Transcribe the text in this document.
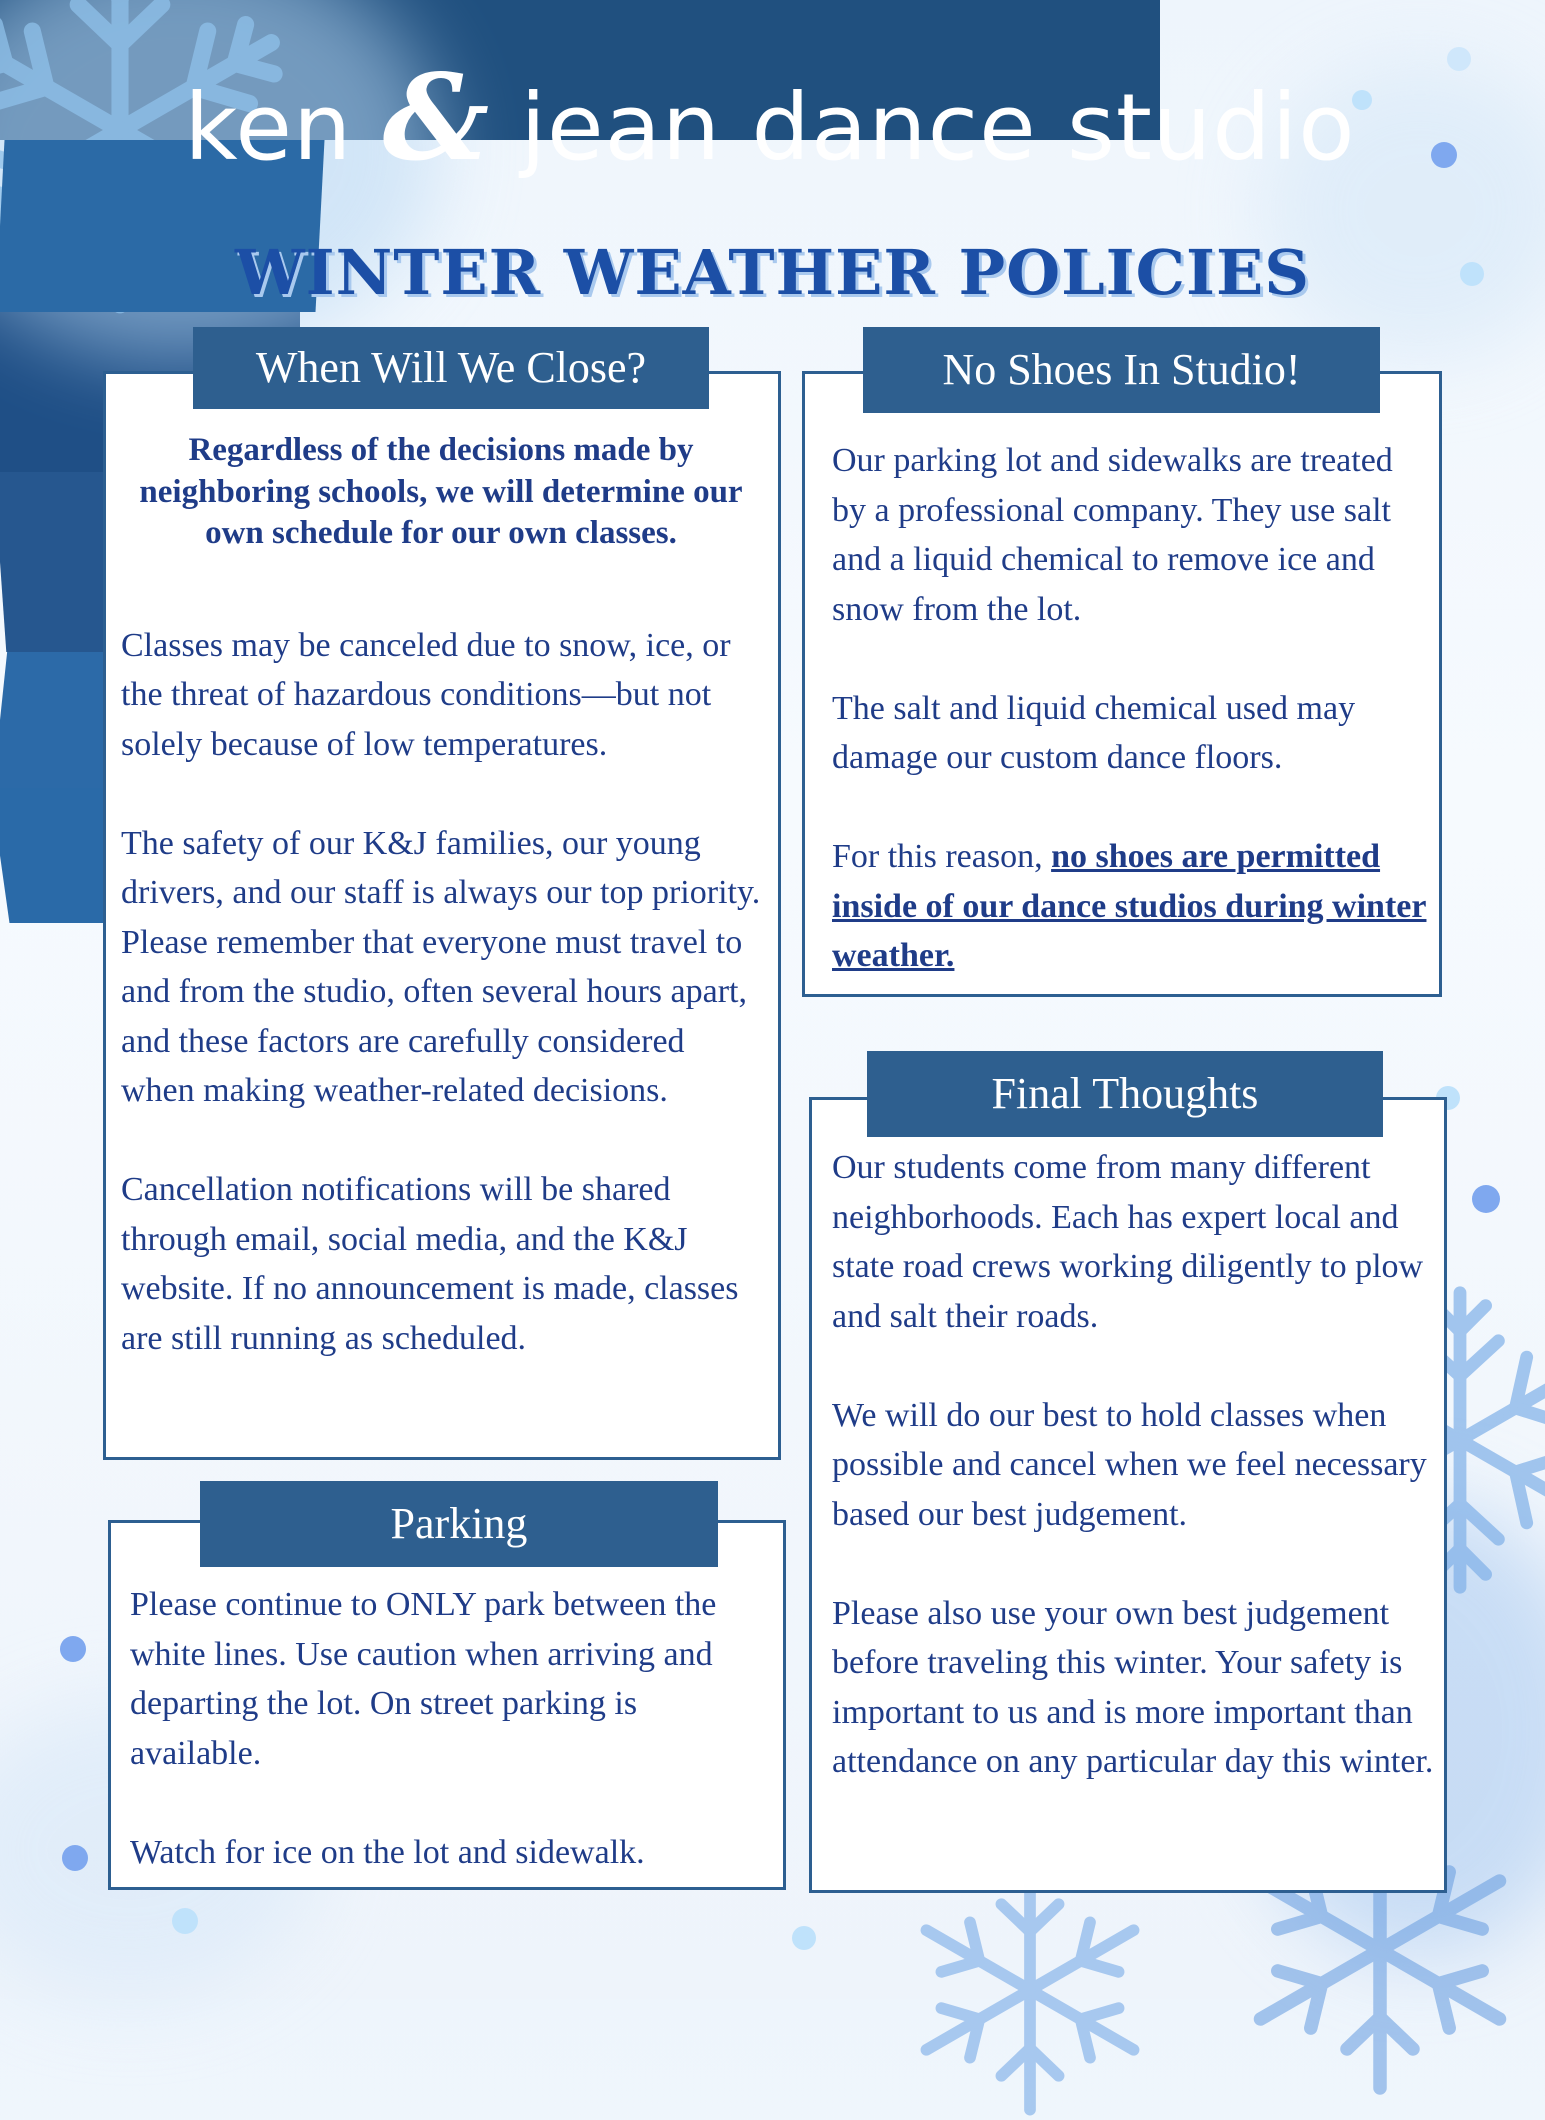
ken & jean dance studio
WINTER WEATHER POLICIES
When Will We Close?

Regardless of the decisions made by neighboring schools, we will determine our own schedule for our own classes.

Classes may be canceled due to snow, ice, or the threat of hazardous conditions—but not solely because of low temperatures.

The safety of our K&J families, our young drivers, and our staff is always our top priority. Please remember that everyone must travel to and from the studio, often several hours apart, and these factors are carefully considered when making weather-related decisions.

Cancellation notifications will be shared through email, social media, and the K&J website. If no announcement is made, classes are still running as scheduled.

Parking

Please continue to ONLY park between the white lines. Use caution when arriving and departing the lot. On street parking is available.

Watch for ice on the lot and sidewalk.

No Shoes In Studio!

Our parking lot and sidewalks are treated by a professional company. They use salt and a liquid chemical to remove ice and snow from the lot.

The salt and liquid chemical used may damage our custom dance floors.

For this reason, no shoes are permitted inside of our dance studios during winter weather.

Final Thoughts

Our students come from many different neighborhoods. Each has expert local and state road crews working diligently to plow and salt their roads.

We will do our best to hold classes when possible and cancel when we feel necessary based our best judgement.

Please also use your own best judgement before traveling this winter. Your safety is important to us and is more important than attendance on any particular day this winter.
